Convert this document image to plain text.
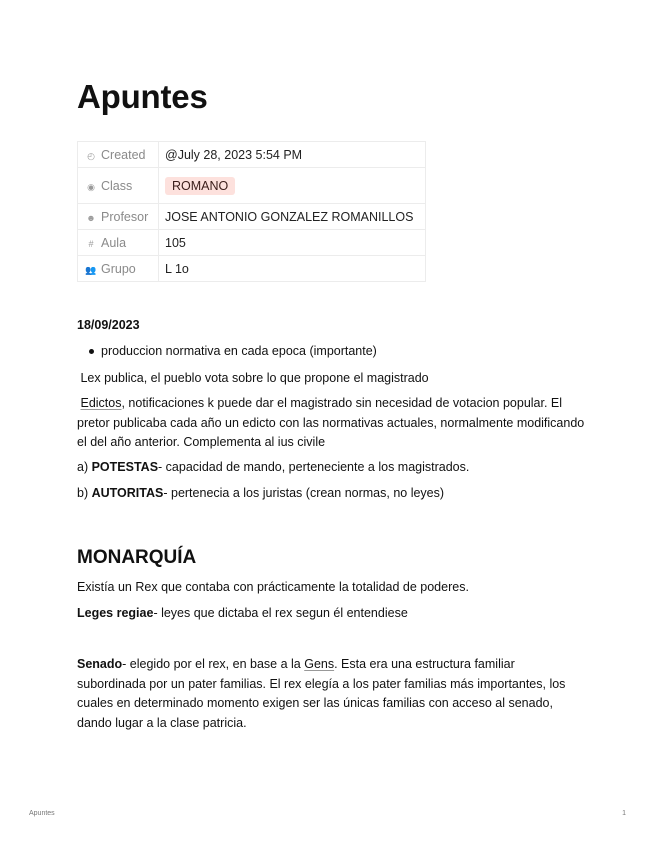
Apuntes
◴ Created	@July 28, 2023 5:54 PM
◉ Class	ROMANO
☻ Profesor	JOSE ANTONIO GONZALEZ ROMANILLOS
# Aula	105
👥 Grupo	L 1o

18/09/2023

produccion normativa en cada epoca (importante)

Lex publica, el pueblo vota sobre lo que propone el magistrado

Edictos, notificaciones k puede dar el magistrado sin necesidad de votacion popular. El pretor publicaba cada año un edicto con las normativas actuales, normalmente modificando el del año anterior. Complementa al ius civile

a) POTESTAS- capacidad de mando, perteneciente a los magistrados.

b) AUTORITAS- pertenecia a los juristas (crean normas, no leyes)

MONARQUÍA

Existía un Rex que contaba con prácticamente la totalidad de poderes.

Leges regiae- leyes que dictaba el rex segun él entendiese

Senado- elegido por el rex, en base a la Gens. Esta era una estructura familiar subordinada por un pater familias. El rex elegía a los pater familias más importantes, los cuales en determinado momento exigen ser las únicas familias con acceso al senado, dando lugar a la clase patricia.

Apuntes	1
